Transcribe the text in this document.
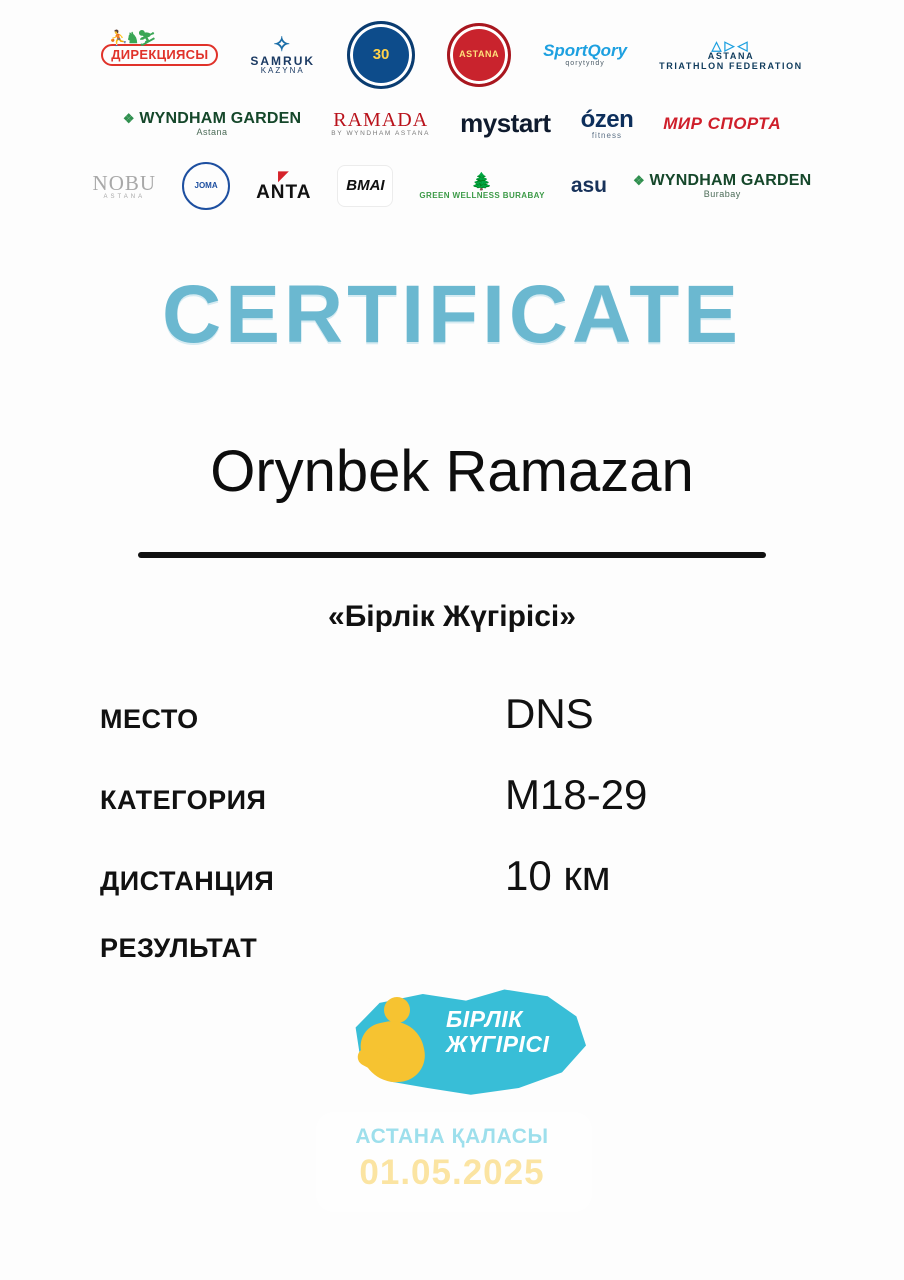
⛹♞⛷
ДИРЕКЦИЯСЫ	✧
SAMRUK
KAZYNA
30	ASTANA	SportQory
qorytyndy
△▷◁
ASTANA
TRIATHLON FEDERATION
❖ WYNDHAM GARDEN
Astana
RAMADA
BY WYNDHAM ASTANA mystart ózen
fitness
МИР СПОРТА
NOBU
ASTANA
JOMA
◤
ANTA BMAI	🌲
GREEN WELLNESS BURABAY asu ❖ WYNDHAM GARDEN
Burabay
CERTIFICATE
Orynbek Ramazan
«Бірлік Жүгірісі»
МЕСТО	DNS
КАТЕГОРИЯ	M18-29
ДИСТАНЦИЯ	10 км
РЕЗУЛЬТАТ
БІРЛІК
ЖҮГІРІСІ
